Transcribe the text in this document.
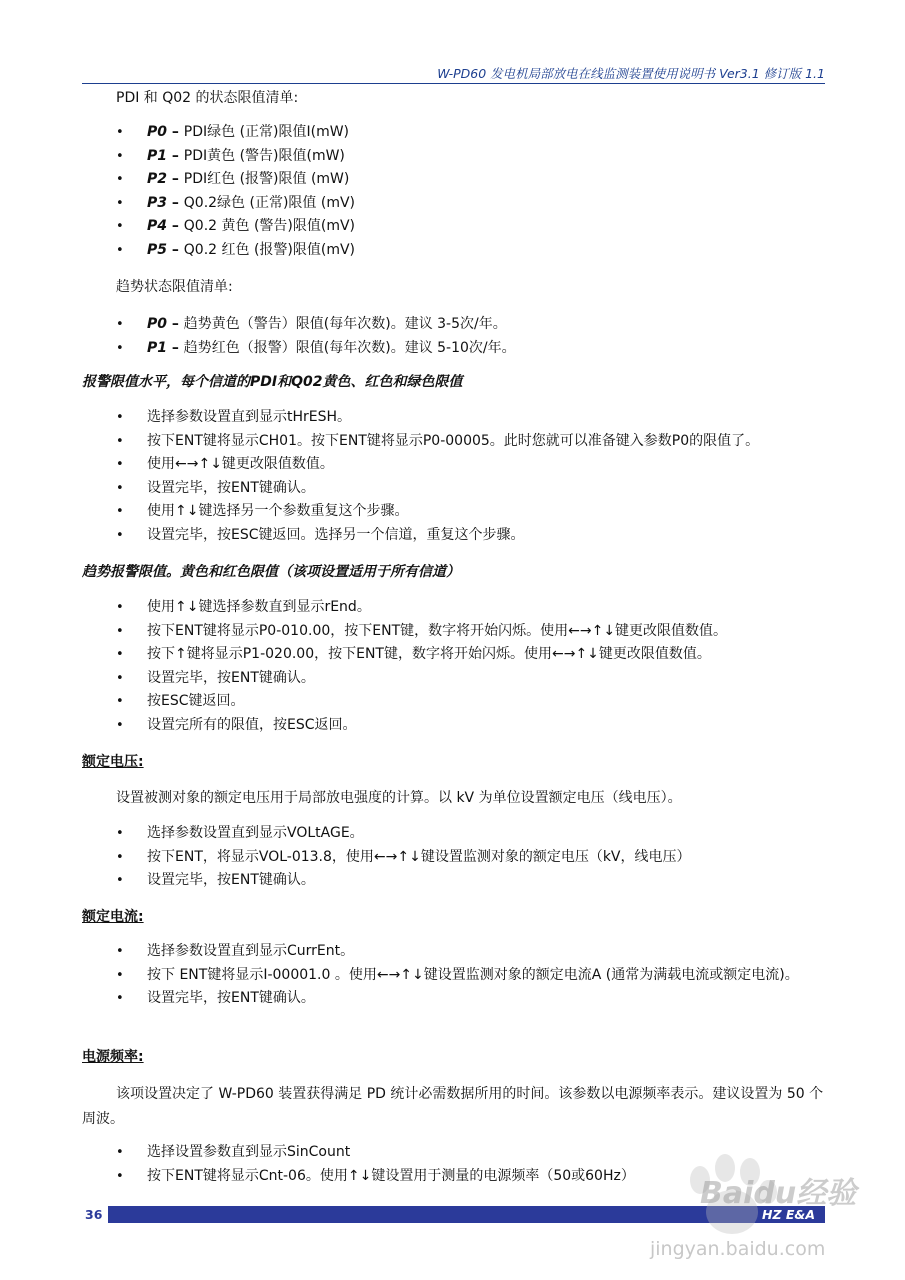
W-PD60 发电机局部放电在线监测装置使用说明书 Ver3.1 修订版 1.1
PDI 和 Q02 的状态限值清单:
• P0 – PDI绿色 (正常)限值I(mW)
• P1 – PDI黄色 (警告)限值(mW)
• P2 – PDI红色 (报警)限值 (mW)
• P3 – Q0.2绿色 (正常)限值 (mV)
• P4 – Q0.2 黄色 (警告)限值(mV)
• P5 – Q0.2 红色 (报警)限值(mV)
趋势状态限值清单:
• P0 – 趋势黄色（警告）限值(每年次数)。建议 3-5次/年。
• P1 – 趋势红色（报警）限值(每年次数)。建议 5-10次/年。
报警限值水平，每个信道的PDI和Q02黄色、红色和绿色限值
• 选择参数设置直到显示tHrESH。
• 按下ENT键将显示CH01。按下ENT键将显示P0-00005。此时您就可以准备键入参数P0的限值了。
• 使用←→↑↓键更改限值数值。
• 设置完毕，按ENT键确认。
• 使用↑↓键选择另一个参数重复这个步骤。
• 设置完毕，按ESC键返回。选择另一个信道，重复这个步骤。
趋势报警限值。黄色和红色限值（该项设置适用于所有信道）
• 使用↑↓键选择参数直到显示rEnd。
• 按下ENT键将显示P0-010.00，按下ENT键，数字将开始闪烁。使用←→↑↓键更改限值数值。
• 按下↑键将显示P1-020.00，按下ENT键，数字将开始闪烁。使用←→↑↓键更改限值数值。
• 设置完毕，按ENT键确认。
• 按ESC键返回。
• 设置完所有的限值，按ESC返回。
额定电压:
设置被测对象的额定电压用于局部放电强度的计算。以 kV 为单位设置额定电压（线电压）。
• 选择参数设置直到显示VOLtAGE。
• 按下ENT，将显示VOL-013.8，使用←→↑↓键设置监测对象的额定电压（kV，线电压）
• 设置完毕，按ENT键确认。
额定电流:
• 选择参数设置直到显示CurrEnt。
• 按下 ENT键将显示I-00001.0 。使用←→↑↓键设置监测对象的额定电流A (通常为满载电流或额定电流)。
• 设置完毕，按ENT键确认。
电源频率:
该项设置决定了 W-PD60 装置获得满足 PD 统计必需数据所用的时间。该参数以电源频率表示。建议设置为 50 个周波。
• 选择设置参数直到显示SinCount
• 按下ENT键将显示Cnt-06。使用↑↓键设置用于测量的电源频率（50或60Hz）
36	HZ E&A
Baidu经验
jingyan.baidu.com
